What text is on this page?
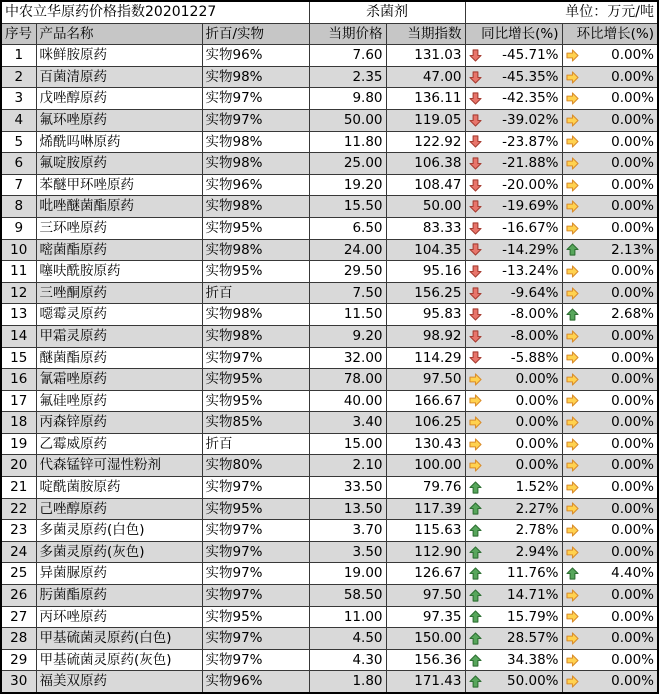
中农立华原药价格指数20201227			杀菌剂		单位：万元/吨	
序号	产品名称	折百/实物	当期价格	当期指数	同比增长(%)	环比增长(%)
1	咪鲜胺原药	实物96%	7.60	131.03	-45.71%	0.00%

2	百菌清原药	实物98%	2.35	47.00	-45.35%	0.00%

3	戊唑醇原药	实物97%	9.80	136.11	-42.35%	0.00%

4	氟环唑原药	实物97%	50.00	119.05	-39.02%	0.00%

5	烯酰吗啉原药	实物98%	11.80	122.92	-23.87%	0.00%

6	氟啶胺原药	实物98%	25.00	106.38	-21.88%	0.00%

7	苯醚甲环唑原药	实物96%	19.20	108.47	-20.00%	0.00%

8	吡唑醚菌酯原药	实物98%	15.50	50.00	-19.69%	0.00%

9	三环唑原药	实物95%	6.50	83.33	-16.67%	0.00%

10	嘧菌酯原药	实物98%	24.00	104.35	-14.29%	2.13%

11	噻呋酰胺原药	实物95%	29.50	95.16	-13.24%	0.00%

12	三唑酮原药	折百	7.50	156.25	-9.64%	0.00%

13	噁霉灵原药	实物98%	11.50	95.83	-8.00%	2.68%

14	甲霜灵原药	实物98%	9.20	98.92	-8.00%	0.00%

15	醚菌酯原药	实物97%	32.00	114.29	-5.88%	0.00%

16	氰霜唑原药	实物95%	78.00	97.50	0.00%	0.00%

17	氟硅唑原药	实物95%	40.00	166.67	0.00%	0.00%

18	丙森锌原药	实物85%	3.40	106.25	0.00%	0.00%

19	乙霉威原药	折百	15.00	130.43	0.00%	0.00%

20	代森锰锌可湿性粉剂	实物80%	2.10	100.00	0.00%	0.00%

21	啶酰菌胺原药	实物97%	33.50	79.76	1.52%	0.00%

22	己唑醇原药	实物95%	13.50	117.39	2.27%	0.00%

23	多菌灵原药(白色)	实物97%	3.70	115.63	2.78%	0.00%

24	多菌灵原药(灰色)	实物97%	3.50	112.90	2.94%	0.00%

25	异菌脲原药	实物97%	19.00	126.67	11.76%	4.40%

26	肟菌酯原药	实物97%	58.50	97.50	14.71%	0.00%

27	丙环唑原药	实物95%	11.00	97.35	15.79%	0.00%

28	甲基硫菌灵原药(白色)	实物97%	4.50	150.00	28.57%	0.00%

29	甲基硫菌灵原药(灰色)	实物97%	4.30	156.36	34.38%	0.00%

30	福美双原药	实物96%	1.80	171.43	50.00%	0.00%
